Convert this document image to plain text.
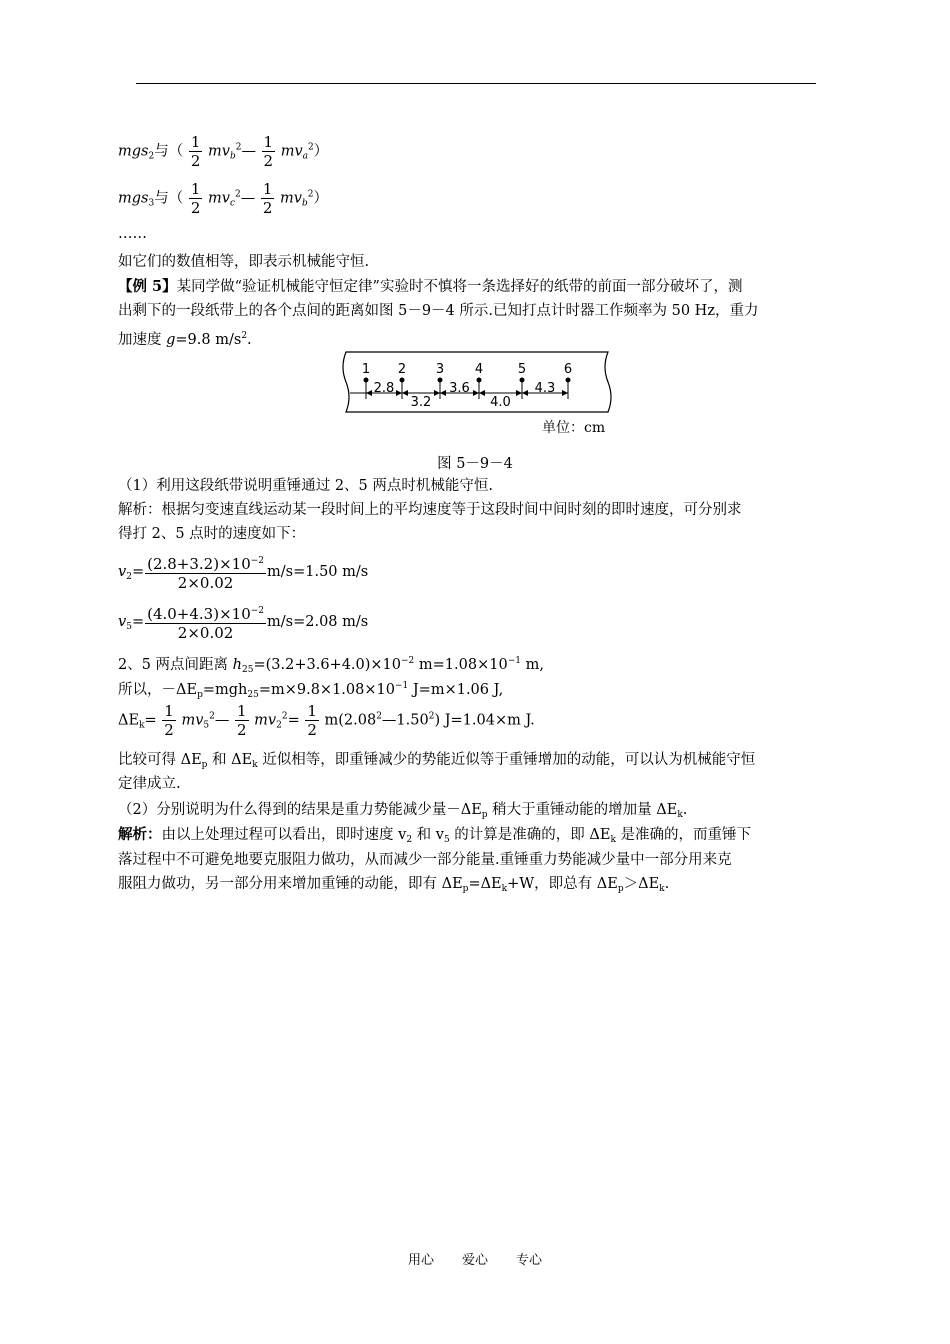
mgs$_2$与（ $\frac{1}{2}$ $mv_b^2— \frac{1}{2} mv_a^2$）
mgs$_3$与（ $\frac{1}{2}$ $mv_c^2— \frac{1}{2} mv_b^2$）
……
如它们的数值相等，即表示机械能守恒.
【例 5】某同学做“验证机械能守恒定律”实验时不慎将一条选择好的纸带的前面一部分破坏了，测
出剩下的一段纸带上的各个点间的距离如图 5－9－4 所示.已知打点计时器工作频率为 50 Hz，重力
加速度 g=9.8 $m/s^2$.
1 2 3 4	5	6
2.8
3.2
3.6
4.0
4.3
单位：cm
图 5－9－4
（1）利用这段纸带说明重锤通过 2、5 两点时机械能守恒.
解析：根据匀变速直线运动某一段时间上的平均速度等于这段时间中间时刻的即时速度，可分别求
得打 2、5 点时的速度如下：
$v_2= \frac{(2.8+3.2)\times 10^{-2}}{2\times 0.02} m/s=1.50$ m/s
$v_5= \frac{(4.0+4.3)\times 10^{-2}}{2\times 0.02} m/s=2.08$ m/s
2、5 两点间距离 $h_{25}=(3.2+3.6+4.0)\times 10^{-2}$ $m=1.08\times 10^{-1}$ m,
所以，$-\Delta E_p=mgh_{25}=m\times 9.8\times 1.08\times 10^{-1}$ J=m×1.06 J,
$\Delta E_k= \frac{1}{2}$ $mv_5^2— \frac{1}{2} mv_2^2= \frac{1}{2}$ m(2.08$^2$—1.50$^2$) J=1.04×m J.
比较可得 $\Delta E_p$ 和 $\Delta E_k$ 近似相等，即重锤减少的势能近似等于重锤增加的动能，可以认为机械能守恒
定律成立.
（2）分别说明为什么得到的结果是重力势能减少量$-\Delta E_p$ 稍大于重锤动能的增加量 $\Delta E_k$.
解析：由以上处理过程可以看出，即时速度 $v_2$ 和 $v_5$ 的计算是准确的，即 $\Delta E_k$ 是准确的，而重锤下
落过程中不可避免地要克服阻力做功，从而减少一部分能量.重锤重力势能减少量中一部分用来克
服阻力做功，另一部分用来增加重锤的动能，即有 $\Delta E_p=\Delta E_k+W$，即总有 $\Delta E_p>\Delta E_k$.
用心 爱心 专心
